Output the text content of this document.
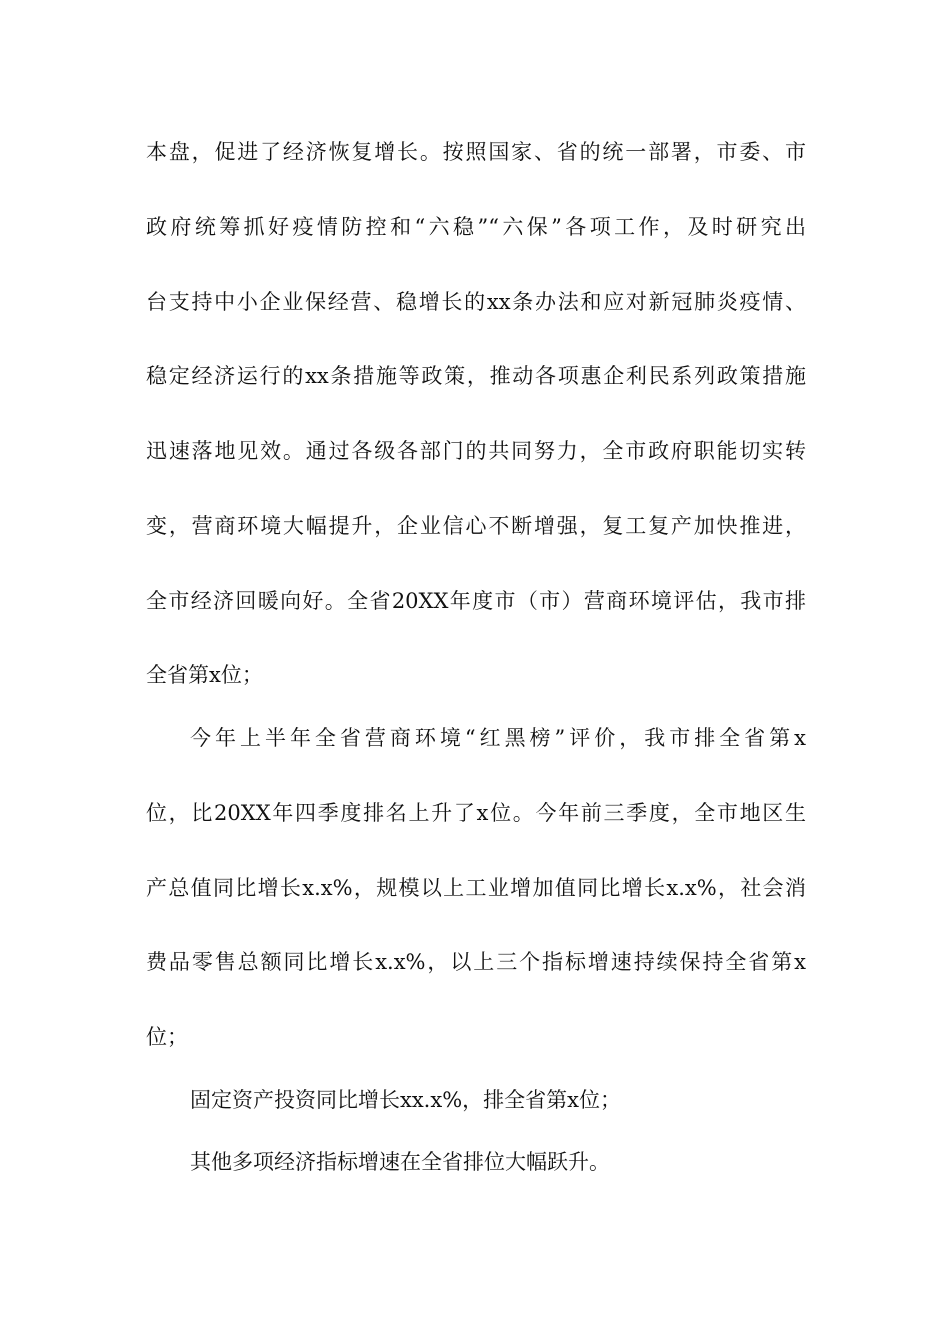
本盘，促进了经济恢复增长。按照国家、省的统一部署，市委、市
政府统筹抓好疫情防控和“六稳”“六保”各项工作，及时研究出
台支持中小企业保经营、稳增长的xx条办法和应对新冠肺炎疫情、
稳定经济运行的xx条措施等政策，推动各项惠企利民系列政策措施
迅速落地见效。通过各级各部门的共同努力，全市政府职能切实转
变，营商环境大幅提升，企业信心不断增强，复工复产加快推进，
全市经济回暖向好。全省20XX年度市（市）营商环境评估，我市排
全省第x位；
今年上半年全省营商环境“红黑榜”评价，我市排全省第x
位，比20XX年四季度排名上升了x位。今年前三季度，全市地区生
产总值同比增长x.x%，规模以上工业增加值同比增长x.x%，社会消
费品零售总额同比增长x.x%，以上三个指标增速持续保持全省第x
位；
固定资产投资同比增长xx.x%，排全省第x位；
其他多项经济指标增速在全省排位大幅跃升。
